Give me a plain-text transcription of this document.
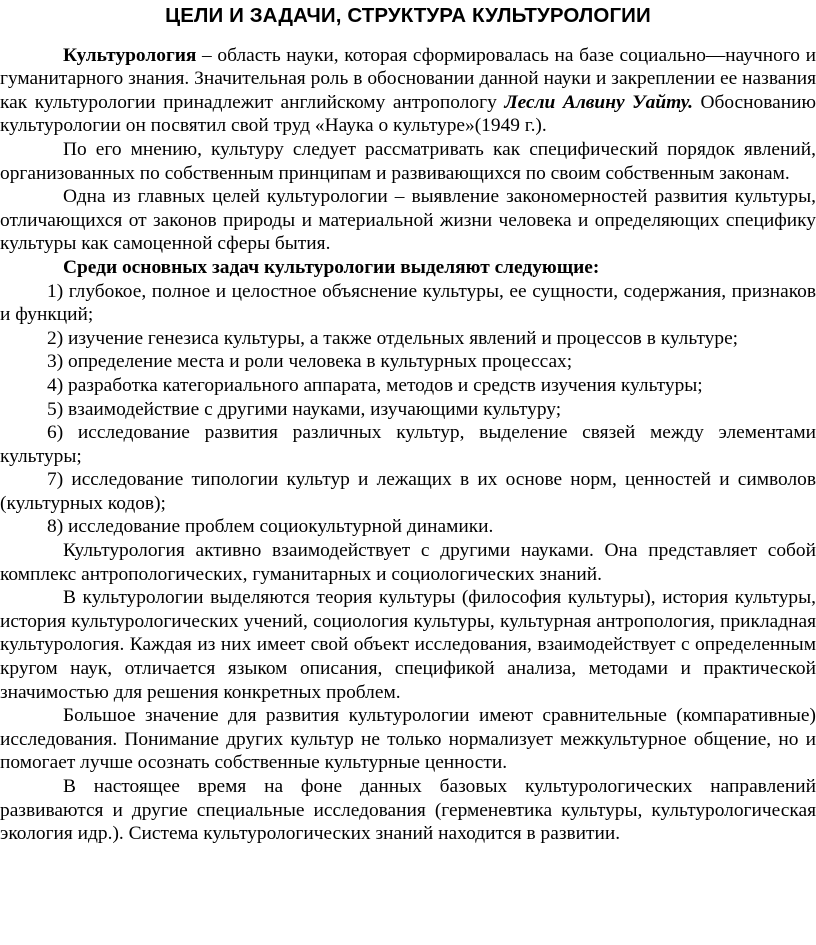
ЦЕЛИ И ЗАДАЧИ, СТРУКТУРА КУЛЬТУРОЛОГИИ

Культурология – область науки, которая сформировалась на базе социально—научного и гуманитарного знания. Значительная роль в обосновании данной науки и закреплении ее названия как культурологии принадлежит английскому антропологу Лесли Алвину Уайту. Обоснованию культурологии он посвятил свой труд «Наука о культуре»(1949 г.).

По его мнению, культуру следует рассматривать как специфический порядок явлений, организованных по собственным принципам и развивающихся по своим собственным законам.

Одна из главных целей культурологии – выявление закономерностей развития культуры, отличающихся от законов природы и материальной жизни человека и определяющих специфику культуры как самоценной сферы бытия.

Среди основных задач культурологии выделяют следующие:

1) глубокое, полное и целостное объяснение культуры, ее сущности, содержания, признаков и функций;

2) изучение генезиса культуры, а также отдельных явлений и процессов в культуре;

3) определение места и роли человека в культурных процессах;

4) разработка категориального аппарата, методов и средств изучения культуры;

5) взаимодействие с другими науками, изучающими культуру;

6) исследование развития различных культур, выделение связей между элементами культуры;

7) исследование типологии культур и лежащих в их основе норм, ценностей и символов (культурных кодов);

8) исследование проблем социокультурной динамики.

Культурология активно взаимодействует с другими науками. Она представляет собой комплекс антропологических, гуманитарных и социологических знаний.

В культурологии выделяются теория культуры (философия культуры), история культуры, история культурологических учений, социология культуры, культурная антропология, прикладная культурология. Каждая из них имеет свой объект исследования, взаимодействует с определенным кругом наук, отличается языком описания, спецификой анализа, методами и практической значимостью для решения конкретных проблем.

Большое значение для развития культурологии имеют сравнительные (компаративные) исследования. Понимание других культур не только нормализует межкультурное общение, но и помогает лучше осознать собственные культурные ценности.

В настоящее время на фоне данных базовых культурологических направлений развиваются и другие специальные исследования (герменевтика культуры, культурологическая экология идр.). Система культурологических знаний находится в развитии.
